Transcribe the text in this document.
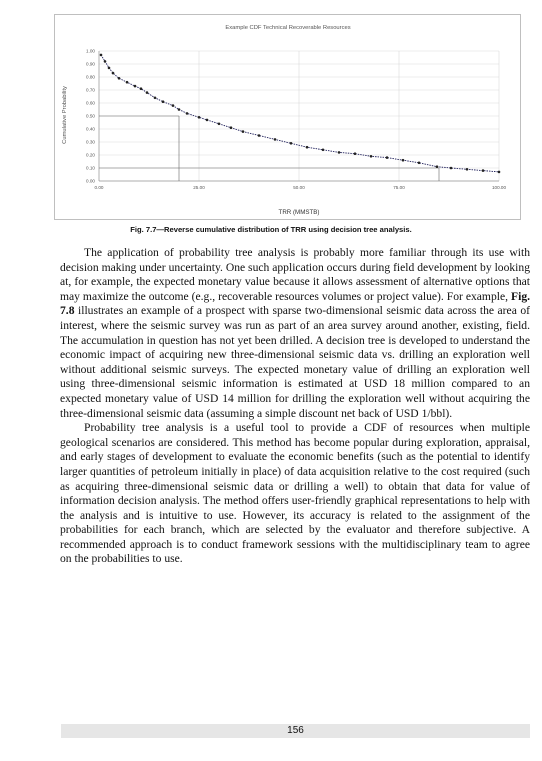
Example CDF Technical Recoverable Resources
Cumulative Probability
TRR (MMSTB)
0.00
0.10
0.20
0.30
0.40
0.50
0.60
0.70
0.80
0.90
1.00
0.00	25.00	50.00	75.00	100.00
Fig. 7.7—Reverse cumulative distribution of TRR using decision tree analysis.

The application of probability tree analysis is probably more familiar through its use with decision making under uncertainty. One such application occurs during field development by looking at, for example, the expected monetary value because it allows assessment of alternative options that may maximize the outcome (e.g., recoverable resources volumes or project value). For example, Fig. 7.8 illustrates an example of a prospect with sparse two-dimensional seismic data across the area of interest, where the seismic survey was run as part of an area survey around another, existing, field. The accumulation in question has not yet been drilled. A decision tree is developed to understand the economic impact of acquiring new three-dimensional seismic data vs. drilling an exploration well without additional seismic surveys. The expected monetary value of drilling an exploration well using three-dimensional seismic information is estimated at USD 18 million compared to an expected monetary value of USD 14 million for drilling the exploration well without acquiring the three-dimensional seismic data (assuming a simple discount net back of USD 1/bbl).

Probability tree analysis is a useful tool to provide a CDF of resources when multiple geological scenarios are considered. This method has become popular during exploration, appraisal, and early stages of development to evaluate the economic benefits (such as the potential to identify larger quantities of petroleum initially in place) of data acquisition relative to the cost required (such as acquiring three-dimensional seismic data or drilling a well) to obtain that data for value of information decision analysis. The method offers user-friendly graphical representations to help with the analysis and is intuitive to use. However, its accuracy is related to the assignment of the probabilities for each branch, which are selected by the evaluator and therefore subjective. A recommended approach is to conduct framework sessions with the multidisciplinary team to agree on the probabilities to use.

156
